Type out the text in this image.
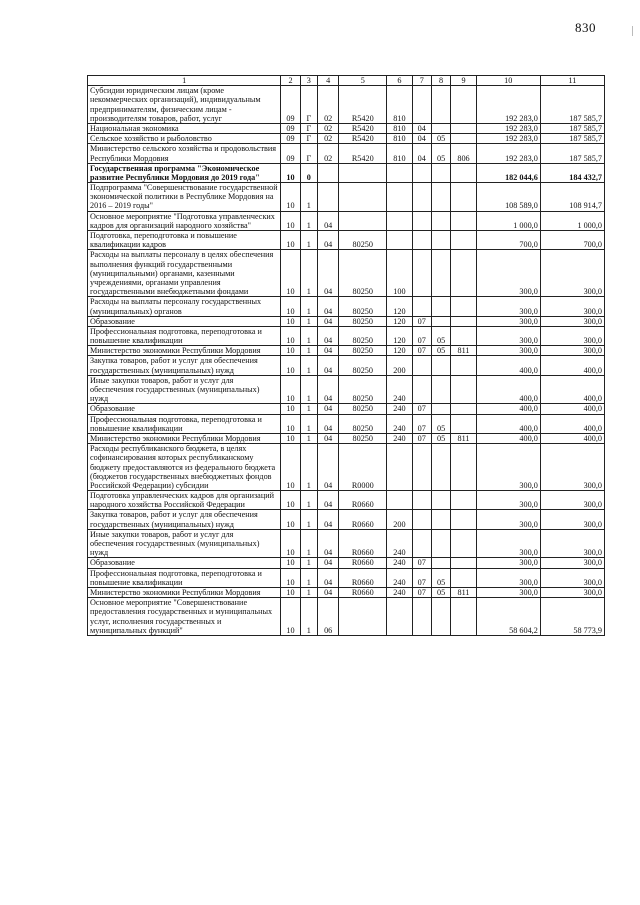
830
1	2	3	4	5	6	7	8	9	10	11
Субсидии юридическим лицам (кроме некоммерческих организаций), индивидуальным предпринимателям, физическим лицам - производителям товаров, работ, услуг	09	Г	02	R5420	810				192 283,0	187 585,7
Национальная экономика	09	Г	02	R5420	810	04			192 283,0	187 585,7
Сельское хозяйство и рыболовство	09	Г	02	R5420	810	04	05		192 283,0	187 585,7
Министерство сельского хозяйства и продовольствия Республики Мордовия	09	Г	02	R5420	810	04	05	806	192 283,0	187 585,7
Государственная программа "Экономическое развитие Республики Мордовия до 2019 года"	10	0							182 044,6	184 432,7
Подпрограмма "Совершенствование государственной экономической политики в Республике Мордовия на 2016 – 2019 годы"	10	1							108 589,0	108 914,7
Основное мероприятие "Подготовка управленческих кадров для организаций народного хозяйства"	10	1	04						1 000,0	1 000,0
Подготовка, переподготовка и повышение квалификации кадров	10	1	04	80250					700,0	700,0
Расходы на выплаты персоналу в целях обеспечения выполнения функций государственными (муниципальными) органами, казенными учреждениями, органами управления государственными внебюджетными фондами	10	1	04	80250	100				300,0	300,0
Расходы на выплаты персоналу государственных (муниципальных) органов	10	1	04	80250	120				300,0	300,0
Образование	10	1	04	80250	120	07			300,0	300,0
Профессиональная подготовка, переподготовка и повышение квалификации	10	1	04	80250	120	07	05		300,0	300,0
Министерство экономики Республики Мордовия	10	1	04	80250	120	07	05	811	300,0	300,0
Закупка товаров, работ и услуг для обеспечения государственных (муниципальных) нужд	10	1	04	80250	200				400,0	400,0
Иные закупки товаров, работ и услуг для обеспечения государственных (муниципальных) нужд	10	1	04	80250	240				400,0	400,0
Образование	10	1	04	80250	240	07			400,0	400,0
Профессиональная подготовка, переподготовка и повышение квалификации	10	1	04	80250	240	07	05		400,0	400,0
Министерство экономики Республики Мордовия	10	1	04	80250	240	07	05	811	400,0	400,0
Расходы республиканского бюджета, в целях софинансирования которых республиканскому бюджету предоставляются из федерального бюджета (бюджетов государственных внебюджетных фондов Российской Федерации) субсидии	10	1	04	R0000					300,0	300,0
Подготовка управленческих кадров для организаций народного хозяйства Российской Федерации	10	1	04	R0660					300,0	300,0
Закупка товаров, работ и услуг для обеспечения государственных (муниципальных) нужд	10	1	04	R0660	200				300,0	300,0
Иные закупки товаров, работ и услуг для обеспечения государственных (муниципальных) нужд	10	1	04	R0660	240				300,0	300,0
Образование	10	1	04	R0660	240	07			300,0	300,0
Профессиональная подготовка, переподготовка и повышение квалификации	10	1	04	R0660	240	07	05		300,0	300,0
Министерство экономики Республики Мордовия	10	1	04	R0660	240	07	05	811	300,0	300,0
Основное мероприятие "Совершенствование предоставления государственных и муниципальных услуг, исполнения государственных и муниципальных функций"	10	1	06						58 604,2	58 773,9
